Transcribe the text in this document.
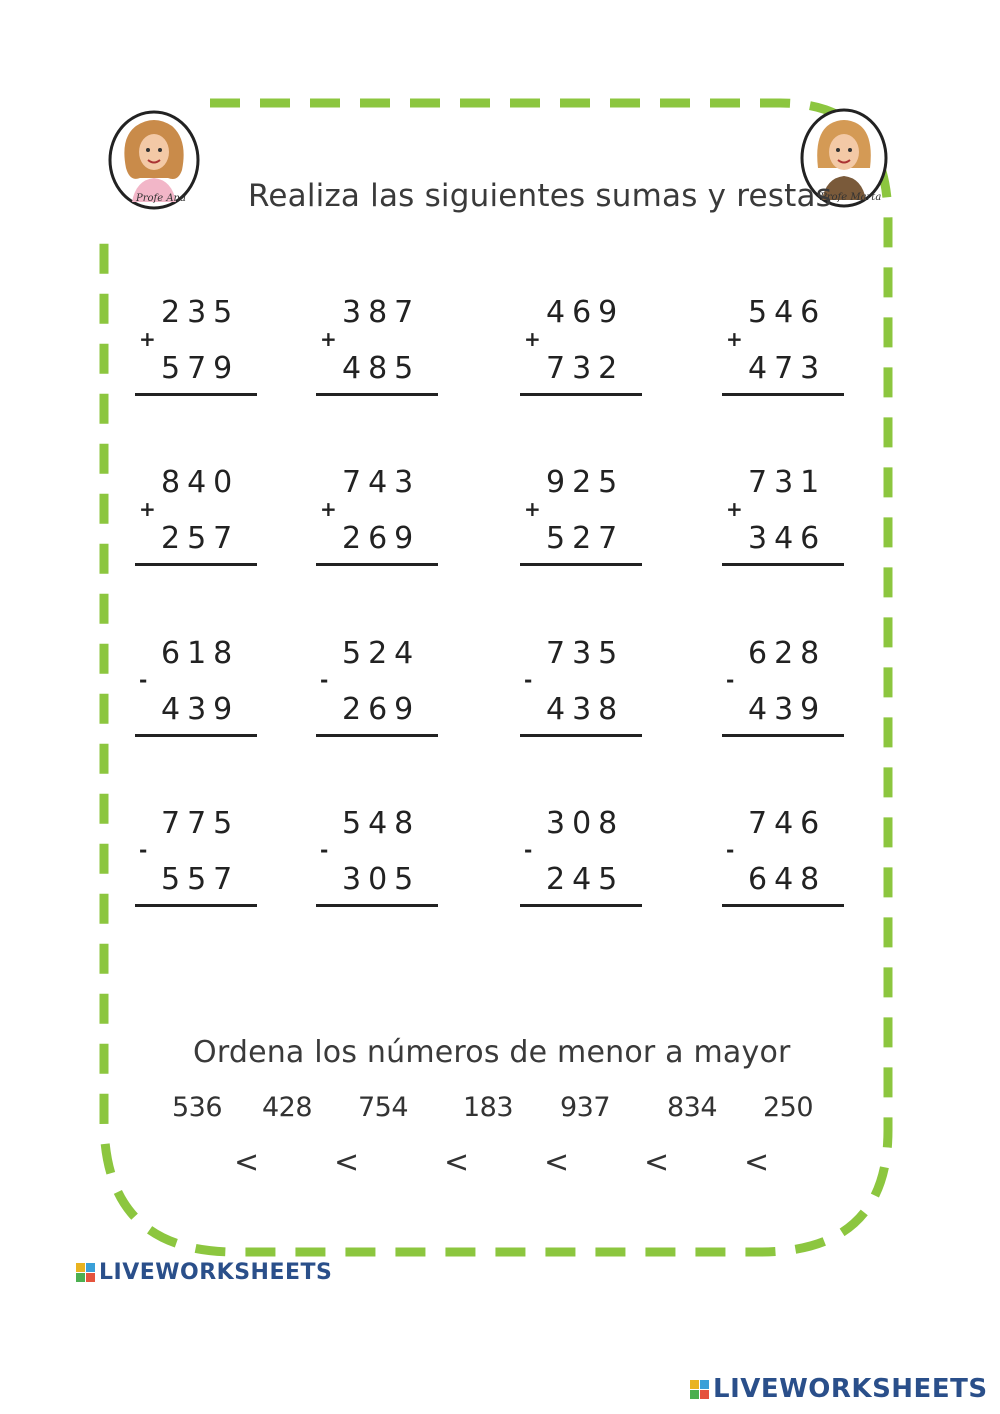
Profe Ana	Profe Marta
Realiza las siguientes sumas y restas
235
+
579
387
+
485
469
+
732
546
+
473
840
+
257
743
+
269
925
+
527
731
+
346
618
-
439
524
-
269
735
-
438
628
-
439
775
-
557
548
-
305
308
-
245
746
-
648
Ordena los números de menor a mayor
536 428 754 183 937 834 250
< <	< < < <
LIVEWORKSHEETS
LIVEWORKSHEETS
